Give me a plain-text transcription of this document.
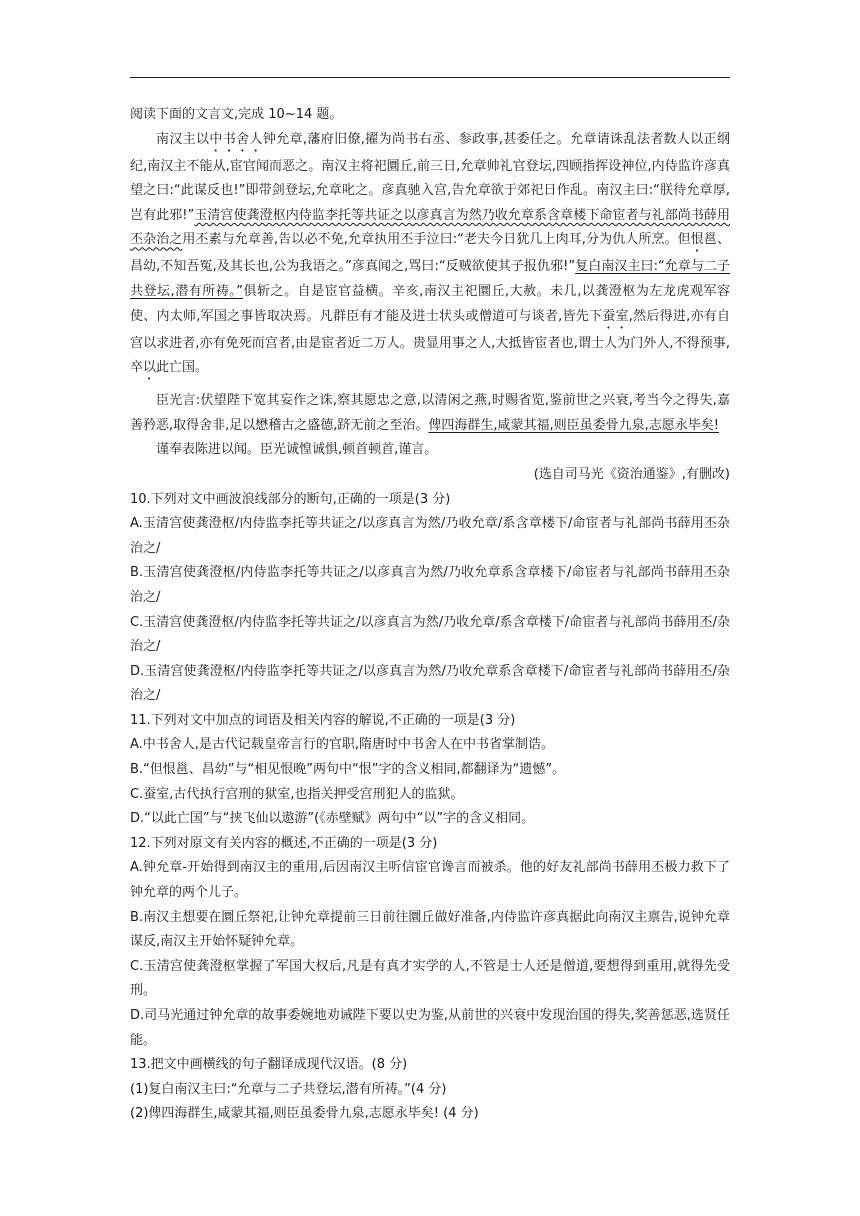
阅读下面的文言文,完成 10~14 题。

南汉主以中书舍人钟允章,藩府旧僚,擢为尚书右丞、参政事,甚委任之。允章请诛乱法者数人以正纲纪,南汉主不能从,宦官闻而恶之。南汉主将祀圜丘,前三日,允章帅礼官登坛,四顾指挥设神位,内侍监许彦真望之曰:“此谋反也!”即带剑登坛,允章叱之。彦真驰入宫,告允章欲于郊祀日作乱。南汉主曰:“朕待允章厚, 岂有此邪!”玉清宫使龚澄枢内侍监李托等共证之以彦真言为然乃收允章系含章楼下命宦者与礼部尚书薛用丕杂治之用丕素与允章善,告以必不免,允章执用丕手泣曰:“老夫今日犹几上肉耳,分为仇人所烹。但恨邕、昌幼,不知吾冤,及其长也,公为我语之。”彦真闻之,骂曰:“反贼欲使其子报仇邪!”复白南汉主曰:“允章与二子共登坛,潜有所祷。”俱斩之。自是宦官益横。辛亥,南汉主祀圜丘,大赦。未几,以龚澄枢为左龙虎观军容使、内太师,军国之事皆取决焉。凡群臣有才能及进士状头或僧道可与谈者,皆先下蚕室,然后得进,亦有自宫以求进者,亦有免死而宫者,由是宦者近二万人。贵显用事之人,大抵皆宦者也,谓士人为门外人,不得预事,卒以此亡国。

臣光言:伏望陛下宽其妄作之诛,察其愿忠之意,以清闲之燕,时赐省览,鉴前世之兴衰,考当今之得失,嘉善矜恶,取得舍非,足以懋稽古之盛德,跻无前之至治。俾四海群生,咸蒙其福,则臣虽委骨九泉,志愿永毕矣!

谨奉表陈进以闻。臣光诚惶诚惧,顿首顿首,谨言。

(选自司马光《资治通鉴》,有删改)

10.下列对文中画波浪线部分的断句,正确的一项是(3 分)

A.玉清宫使龚澄枢/内侍监李托等共证之/以彦真言为然/乃收允章/系含章楼下/命宦者与礼部尚书薛用丕杂治之/

B.玉清宫使龚澄枢/内侍监李托等共证之/以彦真言为然/乃收允章系含章楼下/命宦者与礼部尚书薛用丕杂治之/

C.玉清宫使龚澄枢/内侍监李托等共证之/以彦真言为然/乃收允章/系含章楼下/命宦者与礼部尚书薛用丕/杂治之/

D.玉清宫使龚澄枢/内侍监李托等共证之/以彦真言为然/乃收允章系含章楼下/命宦者与礼部尚书薛用丕/杂治之/

11.下列对文中加点的词语及相关内容的解说,不正确的一项是(3 分)

A.中书舍人,是古代记载皇帝言行的官职,隋唐时中书舍人在中书省掌制诰。

B.“但恨邕、昌幼”与“相见恨晚”两句中“恨”字的含义相同,都翻译为“遗憾”。

C.蚕室,古代执行宫刑的狱室,也指关押受宫刑犯人的监狱。

D.“以此亡国”与“挟飞仙以遨游”(《赤壁赋》两句中“以”字的含义相同。

12.下列对原文有关内容的概述,不正确的一项是(3 分)

A.钟允章-开始得到南汉主的重用,后因南汉主听信宦官谗言而被杀。他的好友礼部尚书薛用丕极力救下了钟允章的两个儿子。

B.南汉主想要在圜丘祭祀,让钟允章提前三日前往圜丘做好准备,内侍监许彦真据此向南汉主禀告,说钟允章谋反,南汉主开始怀疑钟允章。

C.玉清宫使龚澄枢掌握了军国大权后,凡是有真才实学的人,不管是士人还是僧道,要想得到重用,就得先受刑。

D.司马光通过钟允章的故事委婉地劝诫陛下要以史为鉴,从前世的兴衰中发现治国的得失,奖善惩恶,选贤任能。

13.把文中画横线的句子翻译成现代汉语。(8 分)

(1)复白南汉主曰:“允章与二子共登坛,潜有所祷。”(4 分)

(2)俾四海群生,咸蒙其福,则臣虽委骨九泉,志愿永毕矣! (4 分)
